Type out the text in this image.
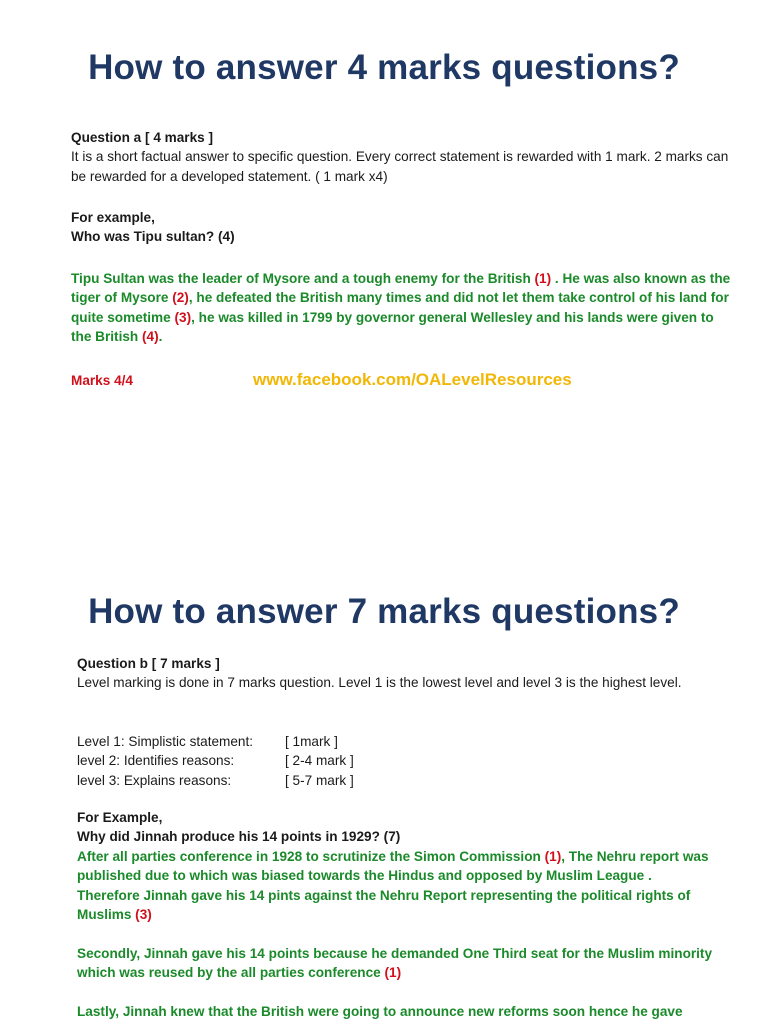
How to answer 4 marks questions?
Question a [ 4 marks ]
It is a short factual answer to specific question. Every correct statement is rewarded with 1 mark. 2 marks can be rewarded for a developed statement. ( 1 mark x4)
For example,
Who was Tipu sultan? (4)
Tipu Sultan was the leader of Mysore and a tough enemy for the British (1) . He was also known as the tiger of Mysore (2), he defeated the British many times and did not let them take control of his land for quite sometime (3), he was killed in 1799 by governor general Wellesley and his lands were given to the British (4).
Marks 4/4	www.facebook.com/OALevelResources
How to answer 7 marks questions?
Question b [ 7 marks ]
Level marking is done in 7 marks question. Level 1 is the lowest level and level 3 is the highest level.
Level 1: Simplistic statement:	[ 1mark ]
level 2: Identifies reasons:	[ 2-4 mark ]
level 3: Explains reasons:	[ 5-7 mark ]
For Example,
Why did Jinnah produce his 14 points in 1929? (7)
After all parties conference in 1928 to scrutinize the Simon Commission (1), The Nehru report was published due to which was biased towards the Hindus and opposed by Muslim League . Therefore Jinnah gave his 14 pints against the Nehru Report representing the political rights of Muslims (3)
Secondly, Jinnah gave his 14 points because he demanded One Third seat for the Muslim minority which was reused by the all parties conference (1)
Lastly, Jinnah knew that the British were going to announce new reforms soon hence he gave
